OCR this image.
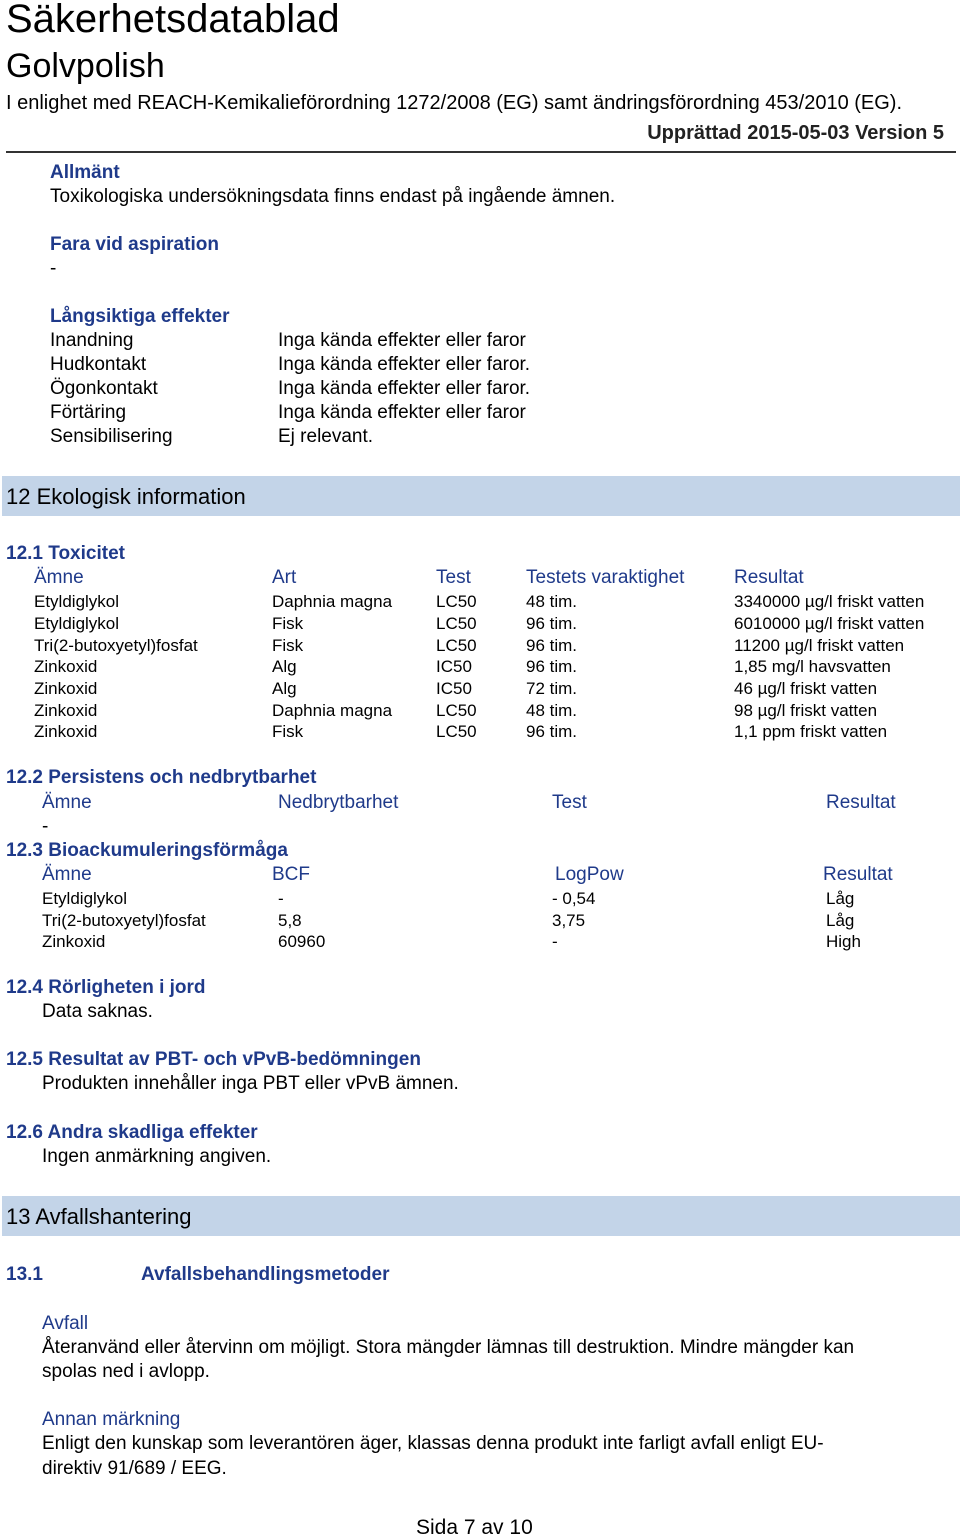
Säkerhetsdatablad
Golvpolish
I enlighet med REACH-Kemikalieförordning 1272/2008 (EG) samt ändringsförordning 453/2010 (EG).
Upprättad 2015-05-03 Version 5
Allmänt
Toxikologiska undersökningsdata finns endast på ingående ämnen.
Fara vid aspiration
-
Långsiktiga effekter
Inandning	Inga kända effekter eller faror
Hudkontakt	Inga kända effekter eller faror.
Ögonkontakt	Inga kända effekter eller faror.
Förtäring	Inga kända effekter eller faror
Sensibilisering	Ej relevant.
12 Ekologisk information
12.1 Toxicitet
Ämne	Art	Test	Testets varaktighet	Resultat
Etyldiglykol	Daphnia magna	LC50	48 tim.	3340000 µg/l friskt vatten
Etyldiglykol	Fisk	LC50	96 tim.	6010000 µg/l friskt vatten
Tri(2-butoxyetyl)fosfat	Fisk	LC50	96 tim.	11200 µg/l friskt vatten
Zinkoxid	Alg	IC50	96 tim.	1,85 mg/l havsvatten
Zinkoxid	Alg	IC50	72 tim.	46 µg/l friskt vatten
Zinkoxid	Daphnia magna	LC50	48 tim.	98 µg/l friskt vatten
Zinkoxid	Fisk	LC50	96 tim.	1,1 ppm friskt vatten
12.2 Persistens och nedbrytbarhet
Ämne	Nedbrytbarhet	Test	Resultat
-
12.3 Bioackumuleringsförmåga
Ämne	BCF	LogPow	Resultat
Etyldiglykol	-	- 0,54	Låg
Tri(2-butoxyetyl)fosfat	5,8	3,75	Låg
Zinkoxid	60960	-	High
12.4 Rörligheten i jord
Data saknas.
12.5 Resultat av PBT- och vPvB-bedömningen
Produkten innehåller inga PBT eller vPvB ämnen.
12.6 Andra skadliga effekter
Ingen anmärkning angiven.
13 Avfallshantering
13.1	Avfallsbehandlingsmetoder
Avfall
Återanvänd eller återvinn om möjligt. Stora mängder lämnas till destruktion. Mindre mängder kan
spolas ned i avlopp.
Annan märkning
Enligt den kunskap som leverantören äger, klassas denna produkt inte farligt avfall enligt EU-
direktiv 91/689 / EEG.
Sida 7 av 10
